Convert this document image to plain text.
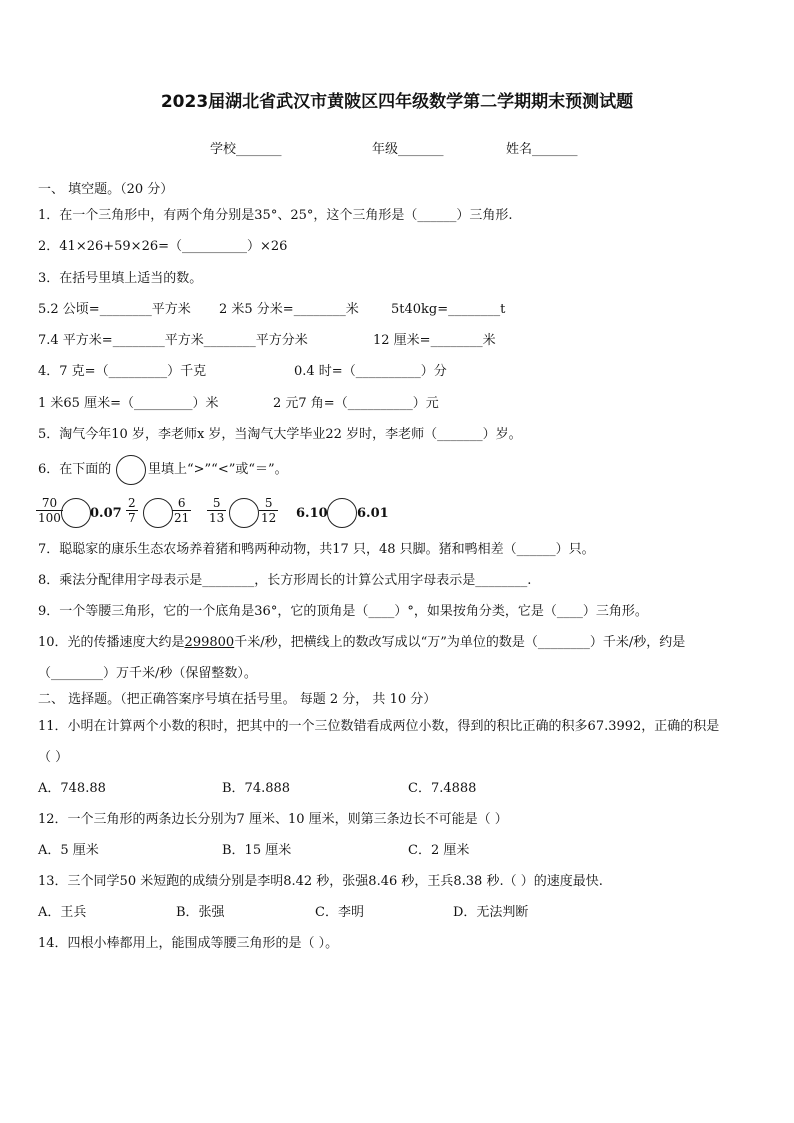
2023届湖北省武汉市黄陂区四年级数学第二学期期末预测试题
学校_______	年级_______	姓名_______
一、 填空题。（20 分）
1．在一个三角形中，有两个角分别是35°、25°，这个三角形是（______）三角形.
2．41×26+59×26=（__________）×26
3．在括号里填上适当的数。
5.2 公顷=________平方米 2 米5 分米=________米 5t40kg=________t
7.4 平方米=________平方米________平方分米	12 厘米=________米
4．7 克=（_________）千克	0.4 时=（__________）分
1 米65 厘米=（_________）米	2 元7 角=（__________）元
5．淘气今年10 岁，李老师x 岁，当淘气大学毕业22 岁时，李老师（_______）岁。
6．在下面的	里填上“>”“<”或“＝”。
$\frac{70}{100} 0.07 \frac{2}{7}$	$\frac{6}{21} \frac{5}{13}$	$\frac{5}{12} 6.10$ 6.01
7．聪聪家的康乐生态农场养着猪和鸭两种动物，共17 只，48 只脚。猪和鸭相差（______）只。
8．乘法分配律用字母表示是________，长方形周长的计算公式用字母表示是________.
9．一个等腰三角形，它的一个底角是36°，它的顶角是（____）°，如果按角分类，它是（____）三角形。
10．光的传播速度大约是299800千米/秒，把横线上的数改写成以“万”为单位的数是（________）千米/秒，约是
（________）万千米/秒（保留整数）。
二、 选择题。（把正确答案序号填在括号里。 每题 2 分， 共 10 分）
11．小明在计算两个小数的积时，把其中的一个三位数错看成两位小数，得到的积比正确的积多67.3992，正确的积是
（ ）
A．748.88	B．74.888	C．7.4888
12．一个三角形的两条边长分别为7 厘米、10 厘米，则第三条边长不可能是（ ）
A．5 厘米	B．15 厘米	C．2 厘米
13．三个同学50 米短跑的成绩分别是李明8.42 秒，张强8.46 秒，王兵8.38 秒.（ ）的速度最快.
A．王兵	B．张强	C．李明	D．无法判断
14．四根小棒都用上，能围成等腰三角形的是（ ）。
